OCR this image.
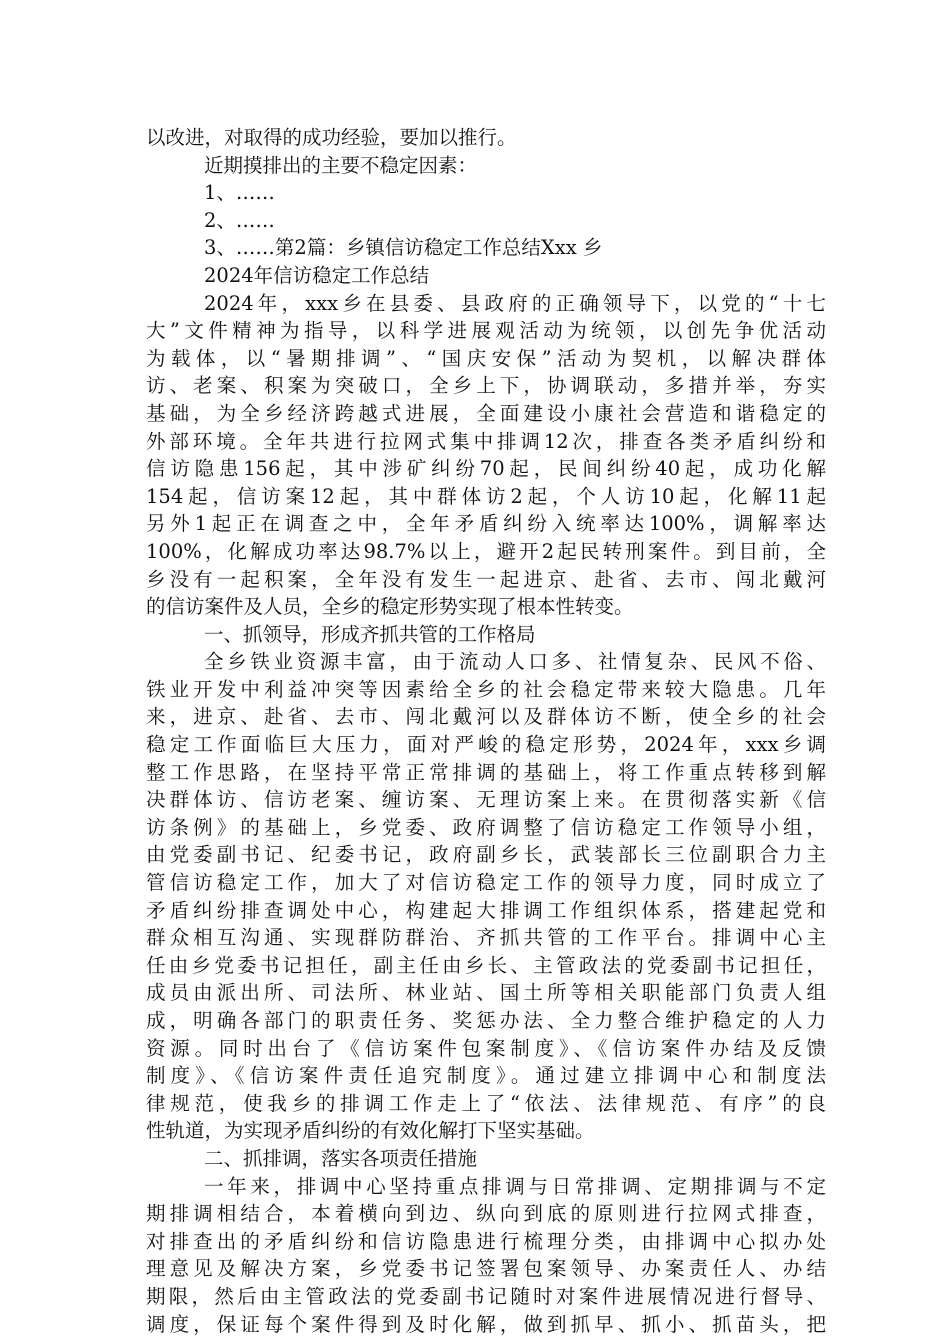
以改进，对取得的成功经验，要加以推行。
近期摸排出的主要不稳定因素：
1、……
2、……
3、……第2篇：乡镇信访稳定工作总结Xxx 乡
2024年信访稳定工作总结
2024年，xxx乡在县委、县政府的正确领导下，以党的“十七
大”文件精神为指导，以科学进展观活动为统领，以创先争优活动
为载体，以“暑期排调”、“国庆安保”活动为契机，以解决群体
访、老案、积案为突破口，全乡上下，协调联动，多措并举，夯实
基础，为全乡经济跨越式进展，全面建设小康社会营造和谐稳定的
外部环境。全年共进行拉网式集中排调12次，排查各类矛盾纠纷和
信访隐患156起，其中涉矿纠纷70起，民间纠纷40起，成功化解
154起，信访案12起，其中群体访2起，个人访10起，化解11起
另外1起正在调查之中，全年矛盾纠纷入统率达100%，调解率达
100%，化解成功率达98.7%以上，避开2起民转刑案件。到目前，全
乡没有一起积案，全年没有发生一起进京、赴省、去市、闯北戴河
的信访案件及人员，全乡的稳定形势实现了根本性转变。
一、抓领导，形成齐抓共管的工作格局
全乡铁业资源丰富，由于流动人口多、社情复杂、民风不俗、
铁业开发中利益冲突等因素给全乡的社会稳定带来较大隐患。几年
来，进京、赴省、去市、闯北戴河以及群体访不断，使全乡的社会
稳定工作面临巨大压力，面对严峻的稳定形势，2024年，xxx乡调
整工作思路，在坚持平常正常排调的基础上，将工作重点转移到解
决群体访、信访老案、缠访案、无理访案上来。在贯彻落实新《信
访条例》的基础上，乡党委、政府调整了信访稳定工作领导小组，
由党委副书记、纪委书记，政府副乡长，武装部长三位副职合力主
管信访稳定工作，加大了对信访稳定工作的领导力度，同时成立了
矛盾纠纷排查调处中心，构建起大排调工作组织体系，搭建起党和
群众相互沟通、实现群防群治、齐抓共管的工作平台。排调中心主
任由乡党委书记担任，副主任由乡长、主管政法的党委副书记担任，
成员由派出所、司法所、林业站、国土所等相关职能部门负责人组
成，明确各部门的职责任务、奖惩办法、全力整合维护稳定的人力
资源。同时出台了《信访案件包案制度》、《信访案件办结及反馈
制度》、《信访案件责任追究制度》。通过建立排调中心和制度法
律规范，使我乡的排调工作走上了“依法、法律规范、有序”的良
性轨道，为实现矛盾纠纷的有效化解打下坚实基础。
二、抓排调，落实各项责任措施
一年来，排调中心坚持重点排调与日常排调、定期排调与不定
期排调相结合，本着横向到边、纵向到底的原则进行拉网式排查，
对排查出的矛盾纠纷和信访隐患进行梳理分类，由排调中心拟办处
理意见及解决方案，乡党委书记签署包案领导、办案责任人、办结
期限，然后由主管政法的党委副书记随时对案件进展情况进行督导、
调度，保证每个案件得到及时化解，做到抓早、抓小、抓苗头，把
